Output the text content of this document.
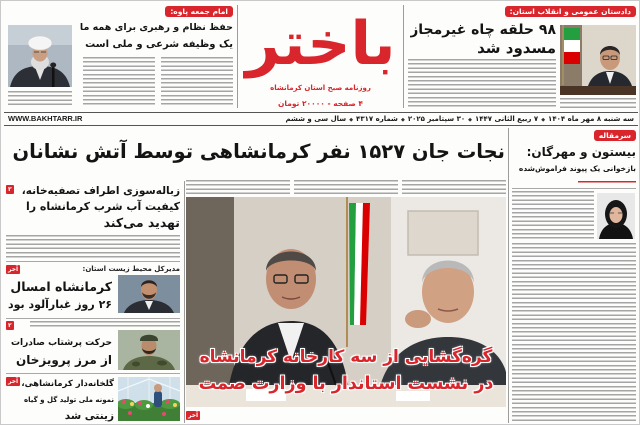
امام جمعه پاوه:
حفظ نظام و رهبری برای همه ما
یک وظیفه شرعی و ملی است باختر
روزنامه صبح استان کرمانشاه
۴ صفحه - ۲۰۰۰۰ تومان
دادستان عمومی و انقلاب استان:
۹۸ حلقه چاه غیرمجاز
مسدود شد
WWW.BAKHTARR.IR	سه شنبه ۸ مهر ماه ۱۴۰۴
◆ ۷ ربیع الثانی ۱۴۴۷
◆ ۳۰ سپتامبر ۲۰۲۵
◆ شماره ۴۳۱۷
◆ سال سی و ششم
نجات جان ۱۵۲۷ نفر کرمانشاهی توسط آتش نشانان
۳ زباله‌سوزی اطراف تصفیه‌خانه،
کیفیت آب شرب کرمانشاه را
تهدید می‌کند
آخر	مدیرکل محیط زیست استان:
کرمانشاه امسال
۲۶ روز غبارآلود بود
۲
حرکت پرشتاب صادرات
از مرز پرویزخان
آخر گلخانه‌دار کرمانشاهی،
نمونه ملی تولید گل و گیاه
زینتی شد
گره‌گشایی از سه کارخانه کرمانشاه
در نشست استاندار با وزارت صمت
آخر
سرمقاله
بیستون و مهرگان:
بازخوانی یک پیوند فراموش‌شده
